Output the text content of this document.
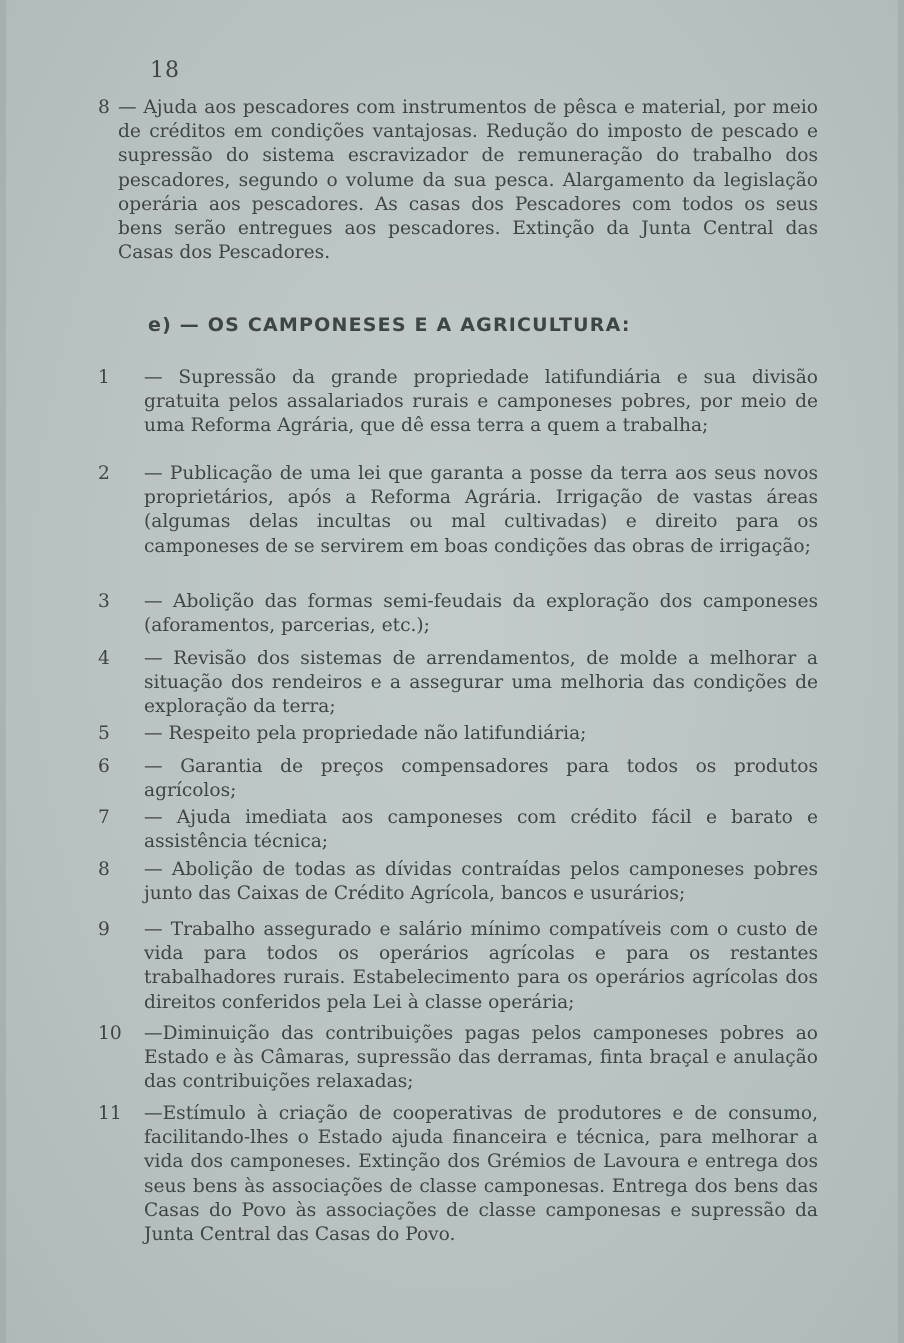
18
8 — Ajuda aos pescadores com instrumentos de pêsca e material, por meio de créditos em condições vantajosas. Redução do imposto de pescado e supressão do sistema escravizador de remuneração do trabalho dos pescadores, segundo o volume da sua pesca. Alargamento da legislação operária aos pescadores. As casas dos Pescadores com todos os seus bens serão entregues aos pescadores. Extinção da Junta Central das Casas dos Pescadores.
e) — OS CAMPONESES E A AGRICULTURA:
1 — Supressão da grande propriedade latifundiária e sua divisão gratuita pelos assalariados rurais e camponeses pobres, por meio de uma Reforma Agrária, que dê essa terra a quem a trabalha;
2 — Publicação de uma lei que garanta a posse da terra aos seus novos proprietários, após a Reforma Agrária. Irrigação de vastas áreas (algumas delas incultas ou mal cultivadas) e direito para os camponeses de se servirem em boas condições das obras de irrigação;
3 — Abolição das formas semi-feudais da exploração dos camponeses (aforamentos, parcerias, etc.);
4 — Revisão dos sistemas de arrendamentos, de molde a melhorar a situação dos rendeiros e a assegurar uma melhoria das condições de exploração da terra;
5 — Respeito pela propriedade não latifundiária;
6 — Garantia de preços compensadores para todos os produtos agrícolos;
7 — Ajuda imediata aos camponeses com crédito fácil e barato e assistência técnica;
8 — Abolição de todas as dívidas contraídas pelos camponeses pobres junto das Caixas de Crédito Agrícola, bancos e usurários;
9 — Trabalho assegurado e salário mínimo compatíveis com o custo de vida para todos os operários agrícolas e para os restantes trabalhadores rurais. Estabelecimento para os operários agrícolas dos direitos conferidos pela Lei à classe operária;
10 —Diminuição das contribuições pagas pelos camponeses pobres ao Estado e às Câmaras, supressão das derramas, finta braçal e anulação das contribuições relaxadas;
11 —Estímulo à criação de cooperativas de produtores e de consumo, facilitando-lhes o Estado ajuda financeira e técnica, para melhorar a vida dos camponeses. Extinção dos Grémios de Lavoura e entrega dos seus bens às associações de classe camponesas. Entrega dos bens das Casas do Povo às associações de classe camponesas e supressão da Junta Central das Casas do Povo.
